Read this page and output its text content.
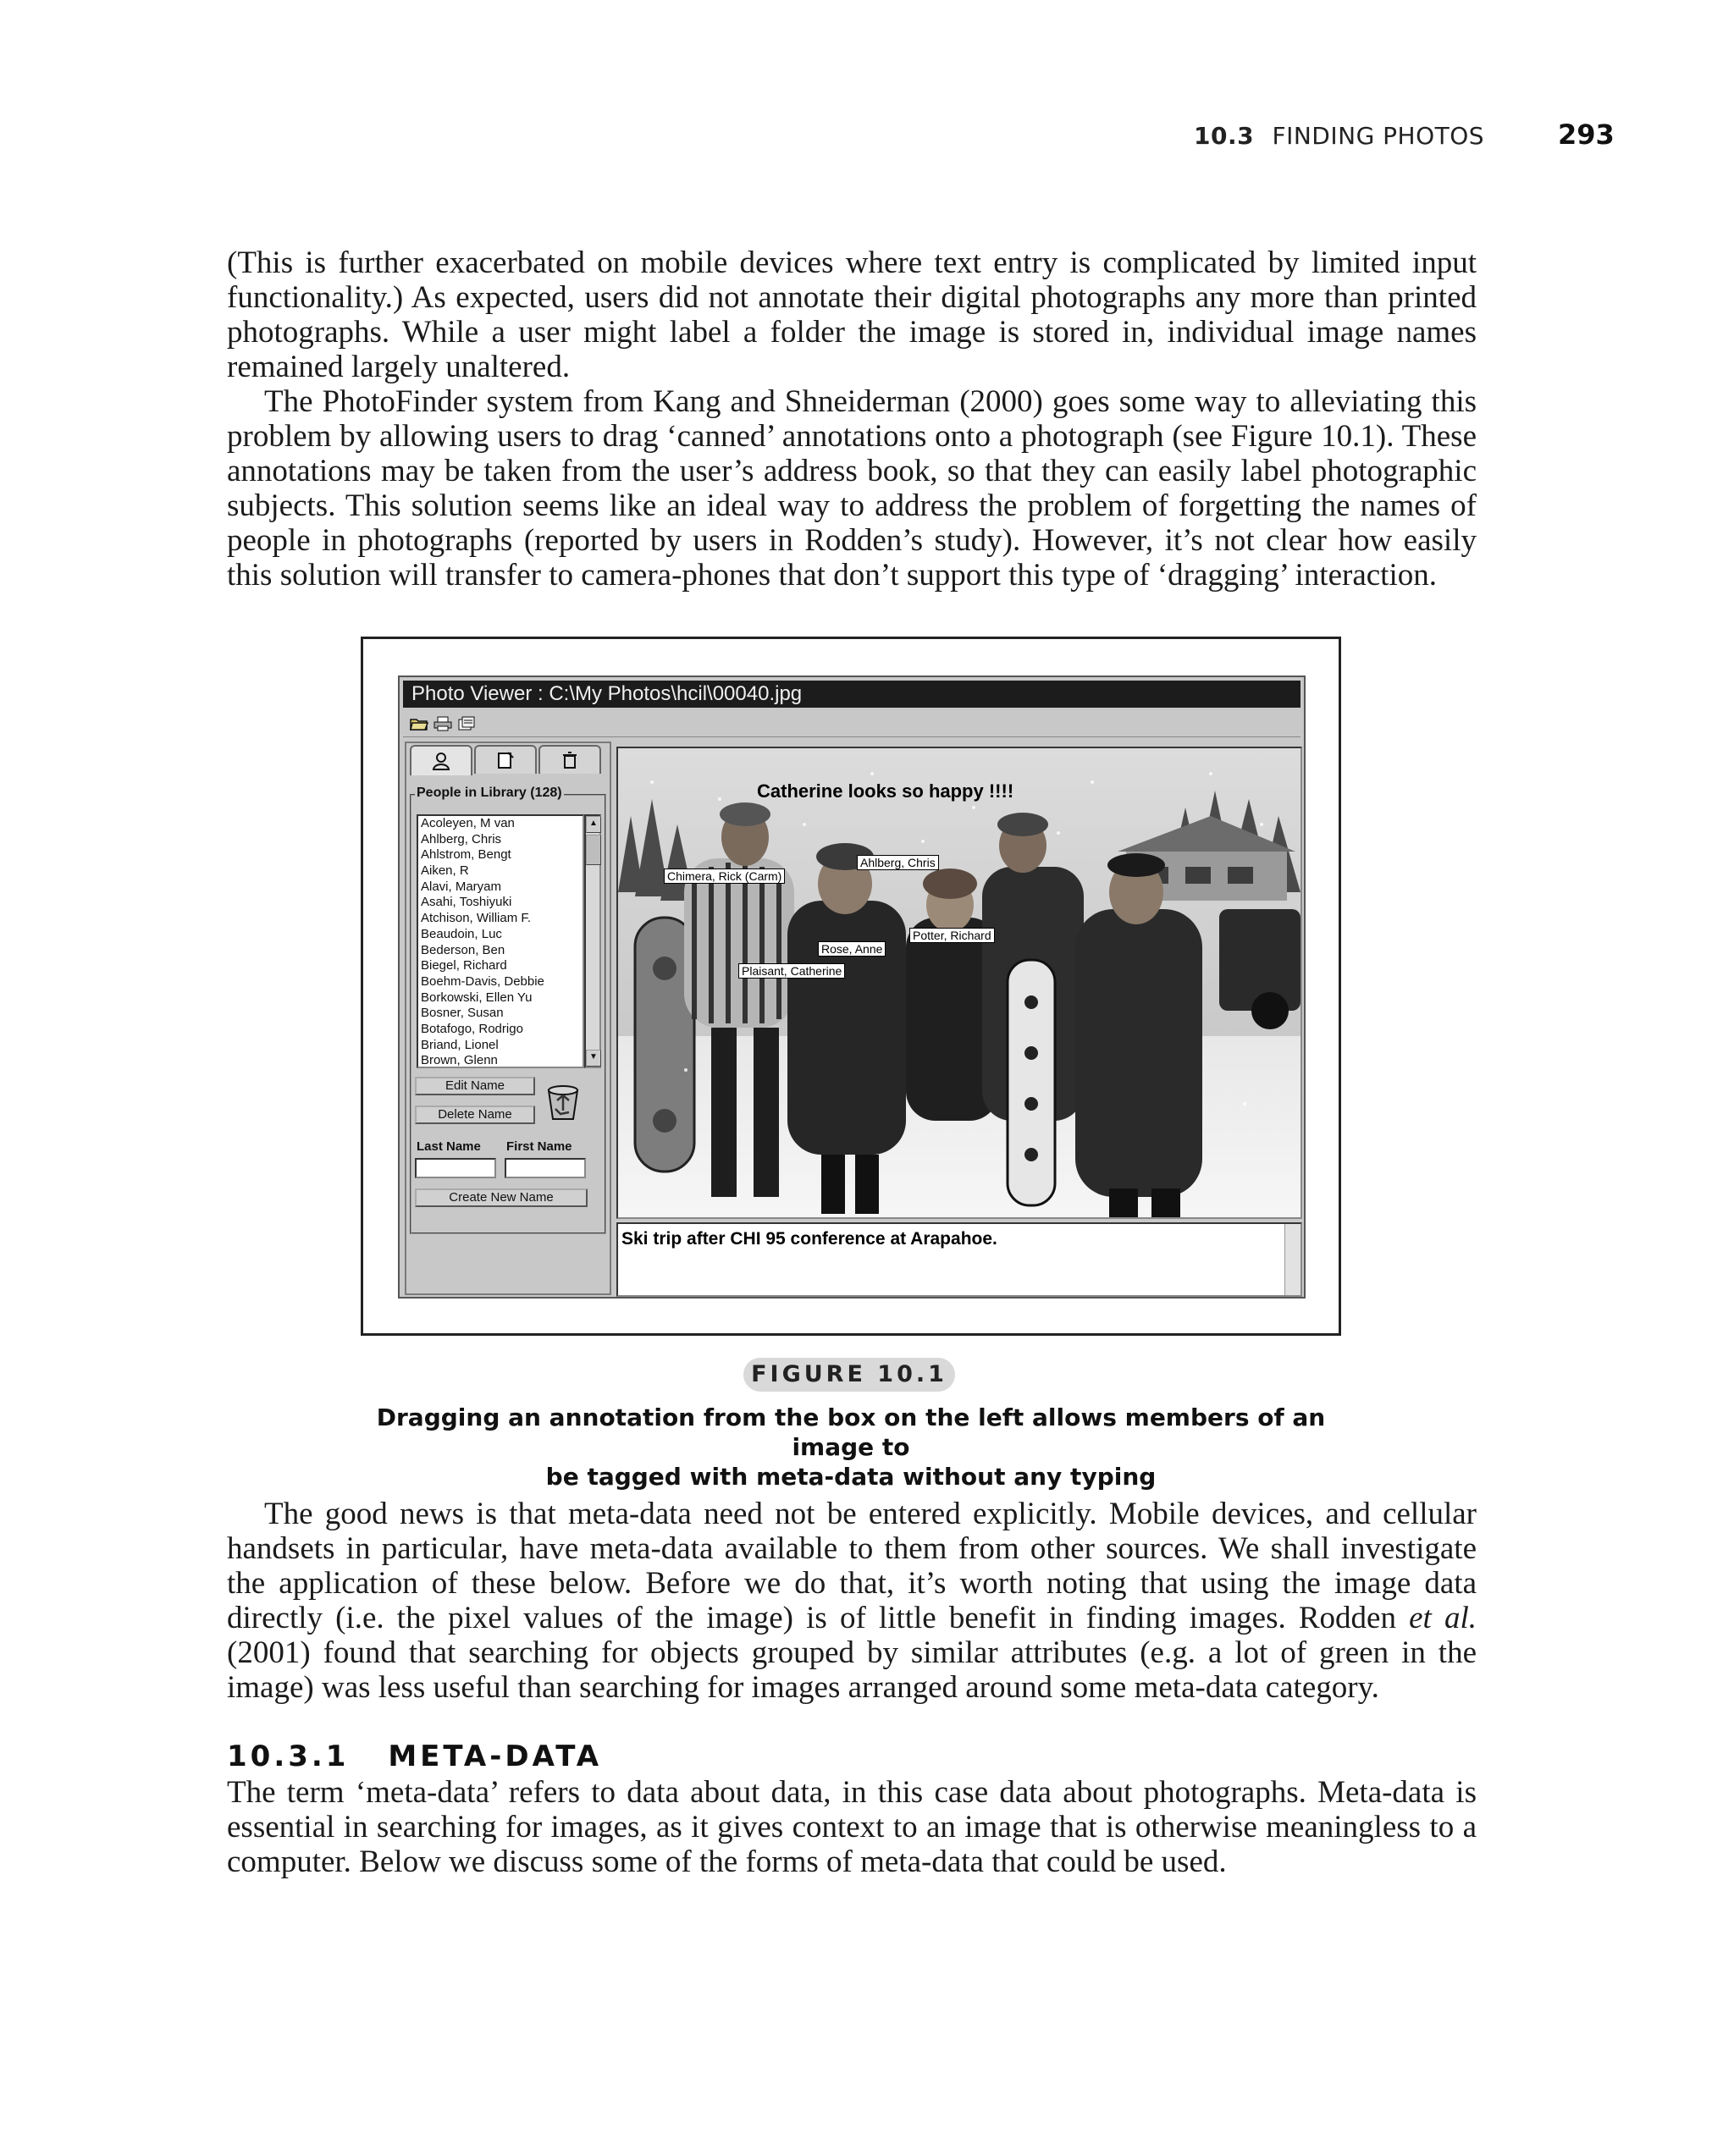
10.3 FINDING PHOTOS	293

(This is further exacerbated on mobile devices where text entry is complicated by limited input functionality.) As expected, users did not annotate their digital photographs any more than printed photographs. While a user might label a folder the image is stored in, individual image names remained largely unaltered.

The PhotoFinder system from Kang and Shneiderman (2000) goes some way to alleviating this problem by allowing users to drag ‘canned’ annotations onto a photograph (see Figure 10.1). These annotations may be taken from the user’s address book, so that they can easily label photographic subjects. This solution seems like an ideal way to address the problem of forgetting the names of people in photographs (reported by users in Rodden’s study). However, it’s not clear how easily this solution will transfer to camera-phones that don’t support this type of ‘dragging’ interaction.

Photo Viewer : C:\My Photos\hcil\00040.jpg
People in Library (128)
Acoleyen, M van
Ahlberg, Chris
Ahlstrom, Bengt
Aiken, R
Alavi, Maryam
Asahi, Toshiyuki
Atchison, William F.
Beaudoin, Luc
Bederson, Ben
Biegel, Richard
Boehm-Davis, Debbie
Borkowski, Ellen Yu
Bosner, Susan
Botafogo, Rodrigo
Briand, Lionel
Brown, Glenn
▲
▼
Edit Name
Delete Name
Last Name First Name
Create New Name
Catherine looks so happy !!!!
Chimera, Rick (Carm)
Ahlberg, Chris
Potter, Richard
Rose, Anne
Plaisant, Catherine
Ski trip after CHI 95 conference at Arapahoe.
FIGURE 10.1
Dragging an annotation from the box on the left allows members of an image to
be tagged with meta-data without any typing

The good news is that meta-data need not be entered explicitly. Mobile devices, and cellular handsets in particular, have meta-data available to them from other sources. We shall investigate the application of these below. Before we do that, it’s worth noting that using the image data directly (i.e. the pixel values of the image) is of little benefit in finding images. Rodden et al. (2001) found that searching for objects grouped by similar attributes (e.g. a lot of green in the image) was less useful than searching for images arranged around some meta-data category.

10.3.1 META-DATA

The term ‘meta-data’ refers to data about data, in this case data about photographs. Meta-data is essential in searching for images, as it gives context to an image that is otherwise meaningless to a computer. Below we discuss some of the forms of meta-data that could be used.
